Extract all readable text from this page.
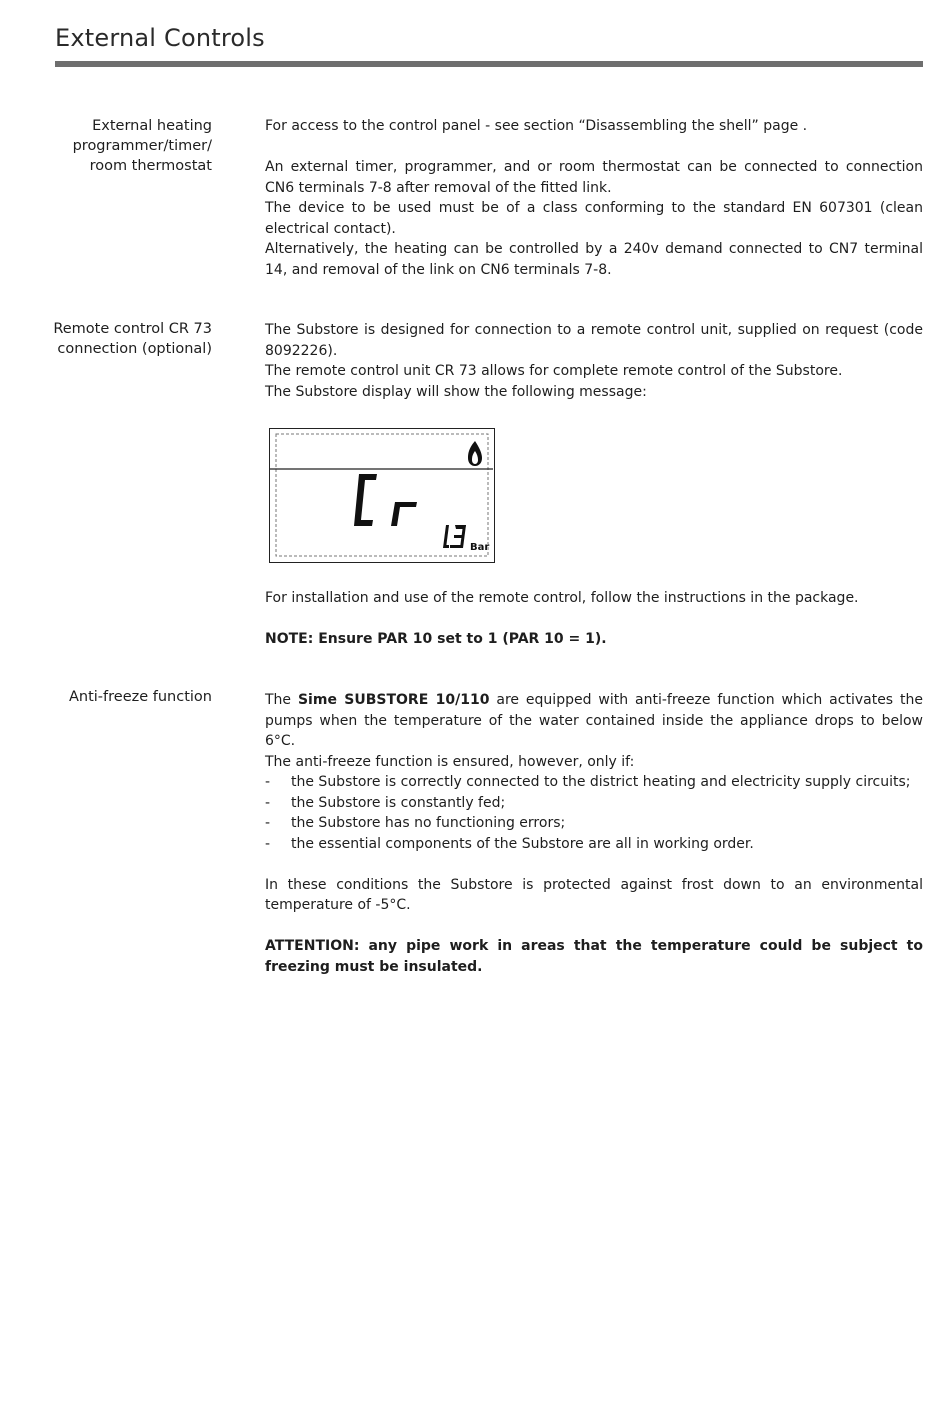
External Controls
External heating
programmer/timer/
room thermostat

For access to the control panel - see section “Disassembling the shell” page .

An external timer, programmer, and or room thermostat can be connected to connection CN6 terminals 7-8 after removal of the fitted link.

The device to be used must be of a class conforming to the standard EN 607301 (clean electrical contact).

Alternatively, the heating can be controlled by a 240v demand connected to CN7 terminal 14, and removal of the link on CN6 terminals 7-8.

Remote control CR 73
connection (optional)

The Substore is designed for connection to a remote control unit, supplied on request (code 8092226).

The remote control unit CR 73 allows for complete remote control of the Substore.

The Substore display will show the following message:

Bar

For installation and use of the remote control, follow the instructions in the package.

NOTE: Ensure PAR 10 set to 1 (PAR 10 = 1).

Anti-freeze function	The Sime SUBSTORE 10/110 are equipped with anti-freeze function which activates the pumps when the temperature of the water contained inside the appliance drops to below 6°C.

The anti-freeze function is ensured, however, only if:

- the Substore is correctly connected to the district heating and electricity supply circuits;
- the Substore is constantly fed;
- the Substore has no functioning errors;
- the essential components of the Substore are all in working order.

In these conditions the Substore is protected against frost down to an environmental temperature of -5°C.

ATTENTION: any pipe work in areas that the temperature could be subject to freezing must be insulated.
